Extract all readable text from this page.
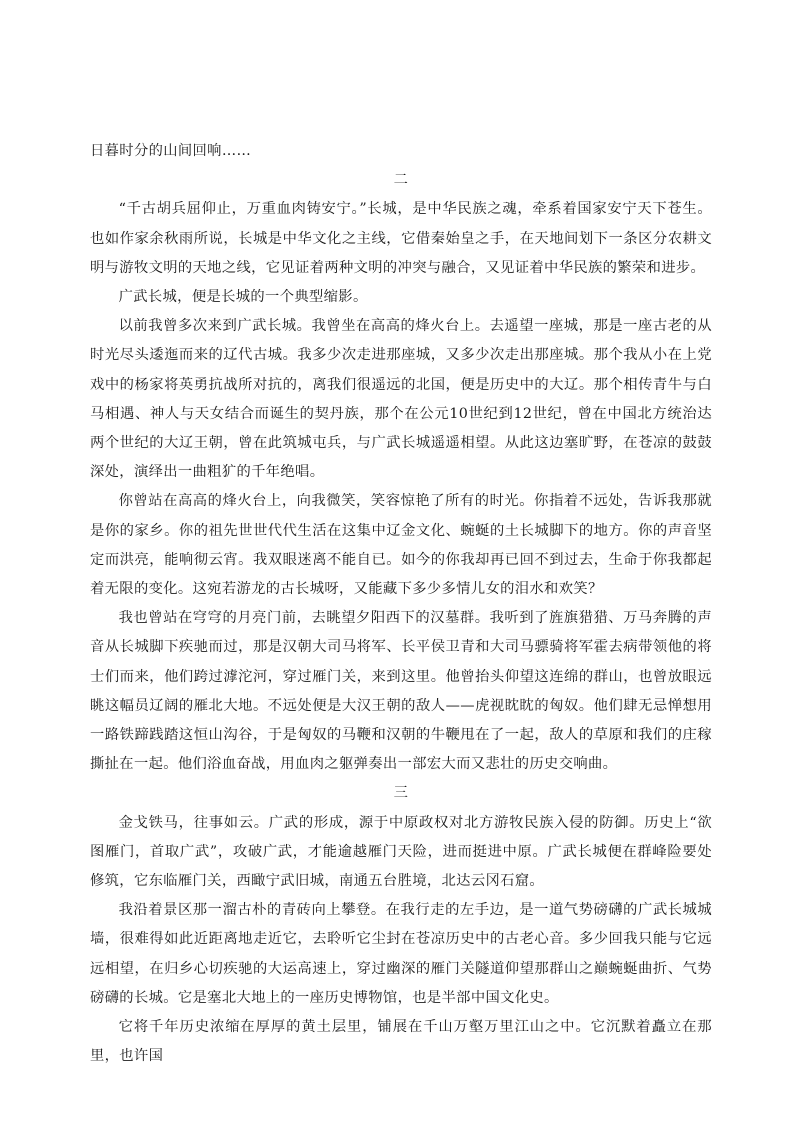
日暮时分的山间回响……

二

“千古胡兵屈仰止，万重血肉铸安宁。”长城，是中华民族之魂，牵系着国家安宁天下苍生。也如作家余秋雨所说，长城是中华文化之主线，它借秦始皇之手，在天地间划下一条区分农耕文明与游牧文明的天地之线，它见证着两种文明的冲突与融合，又见证着中华民族的繁荣和进步。

广武长城，便是长城的一个典型缩影。

以前我曾多次来到广武长城。我曾坐在高高的烽火台上。去遥望一座城，那是一座古老的从时光尽头逶迤而来的辽代古城。我多少次走进那座城，又多少次走出那座城。那个我从小在上党戏中的杨家将英勇抗战所对抗的，离我们很遥远的北国，便是历史中的大辽。那个相传青牛与白马相遇、神人与天女结合而诞生的契丹族，那个在公元10世纪到12世纪，曾在中国北方统治达两个世纪的大辽王朝，曾在此筑城屯兵，与广武长城遥遥相望。从此这边塞旷野，在苍凉的鼓鼓深处，演绎出一曲粗犷的千年绝唱。

你曾站在高高的烽火台上，向我微笑，笑容惊艳了所有的时光。你指着不远处，告诉我那就是你的家乡。你的祖先世世代代生活在这集中辽金文化、蜿蜒的土长城脚下的地方。你的声音坚定而洪亮，能响彻云宵。我双眼迷离不能自已。如今的你我却再已回不到过去，生命于你我都起着无限的变化。这宛若游龙的古长城呀，又能藏下多少多情儿女的泪水和欢笑？

我也曾站在穹穹的月亮门前，去眺望夕阳西下的汉墓群。我听到了旌旗猎猎、万马奔腾的声音从长城脚下疾驰而过，那是汉朝大司马将军、长平侯卫青和大司马骠骑将军霍去病带领他的将士们而来，他们跨过滹沱河，穿过雁门关，来到这里。他曾抬头仰望这连绵的群山，也曾放眼远眺这幅员辽阔的雁北大地。不远处便是大汉王朝的敌人——虎视眈眈的匈奴。他们肆无忌惮想用一路铁蹄践踏这恒山沟谷，于是匈奴的马鞭和汉朝的牛鞭甩在了一起，敌人的草原和我们的庄稼撕扯在一起。他们浴血奋战，用血肉之躯弹奏出一部宏大而又悲壮的历史交响曲。

三

金戈铁马，往事如云。广武的形成，源于中原政权对北方游牧民族入侵的防御。历史上“欲图雁门，首取广武”，攻破广武，才能逾越雁门天险，进而挺进中原。广武长城便在群峰险要处修筑，它东临雁门关，西瞰宁武旧城，南通五台胜境，北达云冈石窟。

我沿着景区那一溜古朴的青砖向上攀登。在我行走的左手边，是一道气势磅礴的广武长城城墙，很难得如此近距离地走近它，去聆听它尘封在苍凉历史中的古老心音。多少回我只能与它远远相望，在归乡心切疾驰的大运高速上，穿过幽深的雁门关隧道仰望那群山之巅蜿蜒曲折、气势磅礴的长城。它是塞北大地上的一座历史博物馆，也是半部中国文化史。

它将千年历史浓缩在厚厚的黄土层里，铺展在千山万壑万里江山之中。它沉默着矗立在那里，也许国
